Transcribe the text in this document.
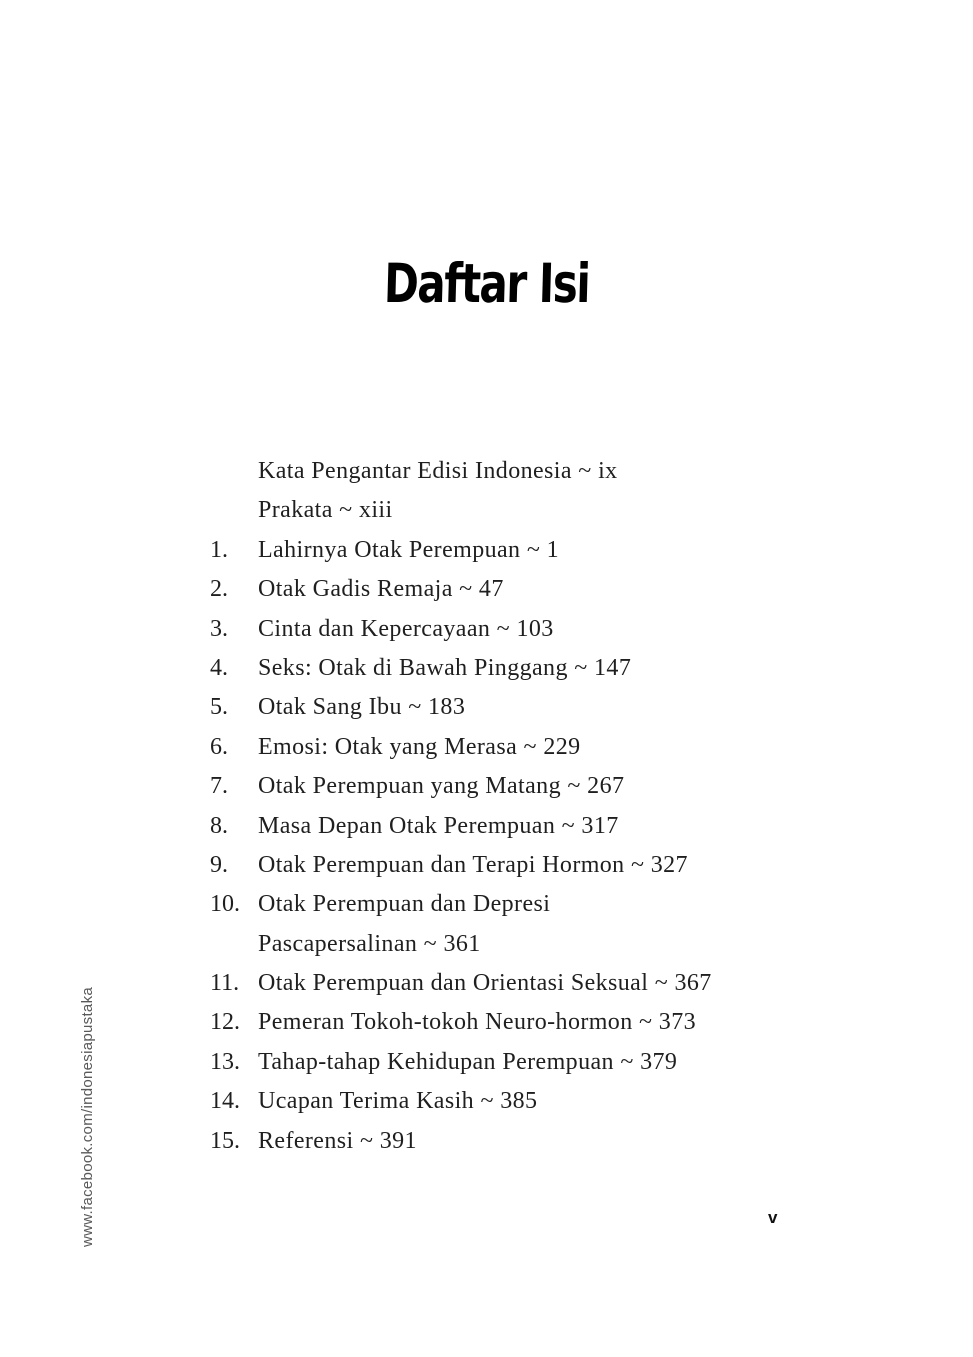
www.facebook.com/indonesiapustaka
Daftar Isi
Kata Pengantar Edisi Indonesia ~ ix
Prakata ~ xiii
1.	Lahirnya Otak Perempuan ~ 1
2.	Otak Gadis Remaja ~ 47
3.	Cinta dan Kepercayaan ~ 103
4.	Seks: Otak di Bawah Pinggang ~ 147
5.	Otak Sang Ibu ~ 183
6.	Emosi: Otak yang Merasa ~ 229
7.	Otak Perempuan yang Matang ~ 267
8.	Masa Depan Otak Perempuan ~ 317
9.	Otak Perempuan dan Terapi Hormon ~ 327
10. Otak Perempuan dan Depresi
Pascapersalinan ~ 361
11. Otak Perempuan dan Orientasi Seksual ~ 367
12. Pemeran Tokoh-tokoh Neuro-hormon ~ 373
13. Tahap-tahap Kehidupan Perempuan ~ 379
14. Ucapan Terima Kasih ~ 385
15. Referensi ~ 391
v
